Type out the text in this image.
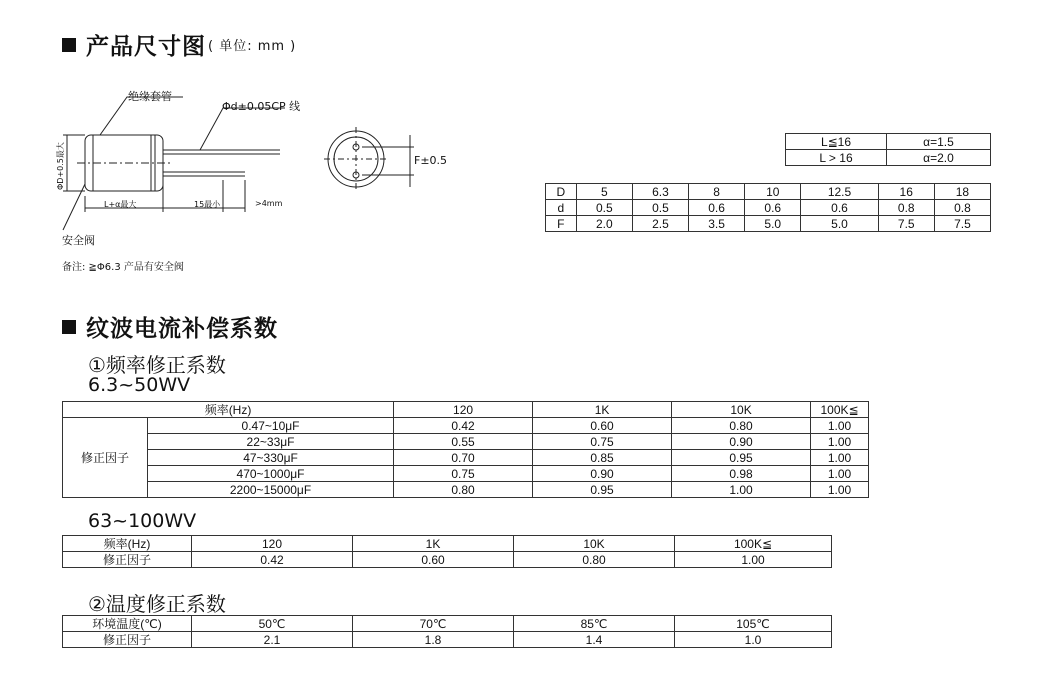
产品尺寸图 ( 单位: mm )
绝缘套管
Φd±0.05CP 线
ΦD+0.5最大
L+α最大	15最小	>4mm
安全阀
F±0.5
备注: ≧Φ6.3 产品有安全阀
L≦16	α=1.5
L > 16	α=2.0
D	5	6.3	8	10	12.5	16	18
d	0.5	0.5	0.6	0.6	0.6	0.8	0.8
F	2.0	2.5	3.5	5.0	5.0	7.5	7.5
纹波电流补偿系数
①频率修正系数
6.3~50WV
频率(Hz)		120	1K	10K	100K≦
修正因子	0.47~10μF	0.42	0.60	0.80	1.00
	22~33μF	0.55	0.75	0.90	1.00
	47~330μF	0.70	0.85	0.95	1.00
	470~1000μF	0.75	0.90	0.98	1.00
	2200~15000μF	0.80	0.95	1.00	1.00
63~100WV
频率(Hz)	120	1K	10K	100K≦
修正因子	0.42	0.60	0.80	1.00
②温度修正系数
环境温度(℃)	50℃	70℃	85℃	105℃
修正因子	2.1	1.8	1.4	1.0
